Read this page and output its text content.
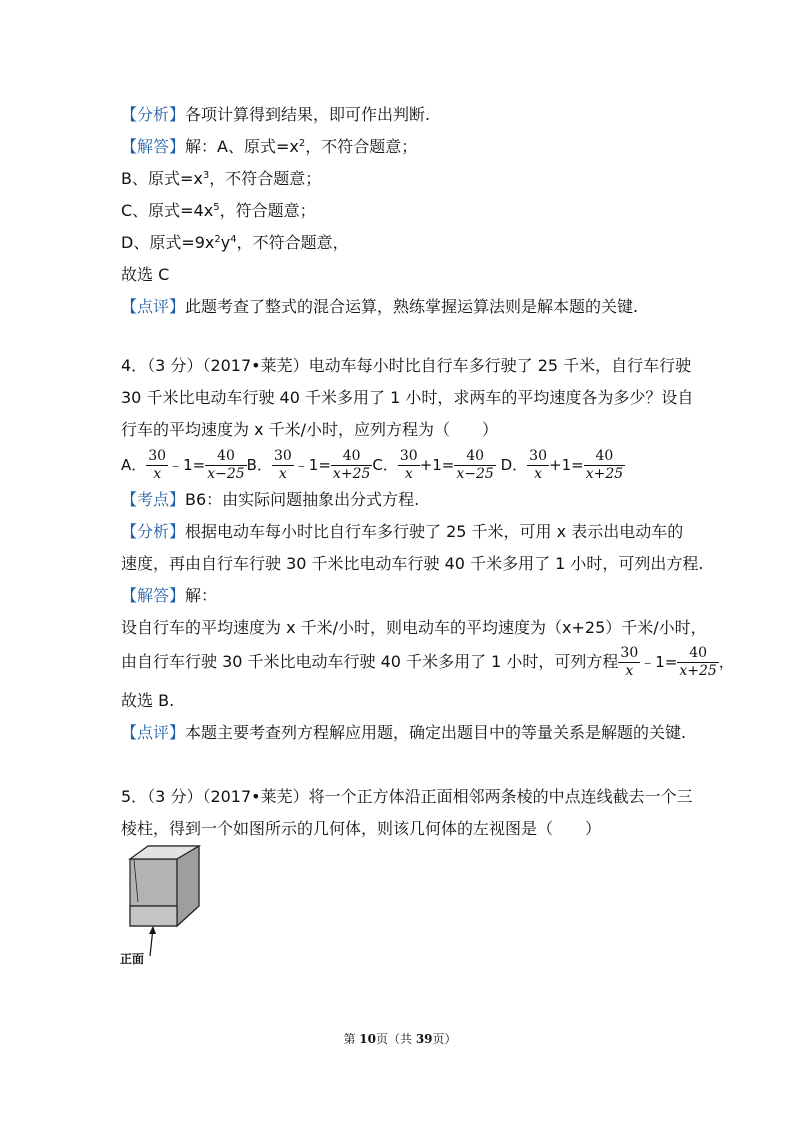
【分析】各项计算得到结果，即可作出判断.
【解答】解：A、原式$=x^2$，不符合题意；
B、原式$=x^3$，不符合题意；
C、原式$=4x^5$，符合题意；
D、原式$=9x^2y^4$，不符合题意，
故选 C
【点评】此题考查了整式的混合运算，熟练掌握运算法则是解本题的关键.
4．（3 分）（2017•莱芜）电动车每小时比自行车多行驶了 25 千米，自行车行驶
30 千米比电动车行驶 40 千米多用了 1 小时，求两车的平均速度各为多少？设自
行车的平均速度为 x 千米/小时，应列方程为（　　）
A． $\frac{30}{x}$ ﹣1= $\frac{40}{x-25}$ B． $\frac{30}{x}$ ﹣1= $\frac{40}{x+25}$ C． $\frac{30}{x} +1= \frac{40}{x-25}$ D． $\frac{30}{x} +1= \frac{40}{x+25}$
【考点】B6：由实际问题抽象出分式方程.
【分析】根据电动车每小时比自行车多行驶了 25 千米，可用 x 表示出电动车的
速度，再由自行车行驶 30 千米比电动车行驶 40 千米多用了 1 小时，可列出方程.
【解答】解：
设自行车的平均速度为 x 千米/小时，则电动车的平均速度为（x+25）千米/小时，
由自行车行驶 30 千米比电动车行驶 40 千米多用了 1 小时，可列方程 $\frac{30}{x}$ ﹣1= $\frac{40}{x+25}$ ，
故选 B.
【点评】本题主要考查列方程解应用题，确定出题目中的等量关系是解题的关键.
5．（3 分）（2017•莱芜）将一个正方体沿正面相邻两条棱的中点连线截去一个三
棱柱，得到一个如图所示的几何体，则该几何体的左视图是（　　）
正面
第 10页（共 39页）
